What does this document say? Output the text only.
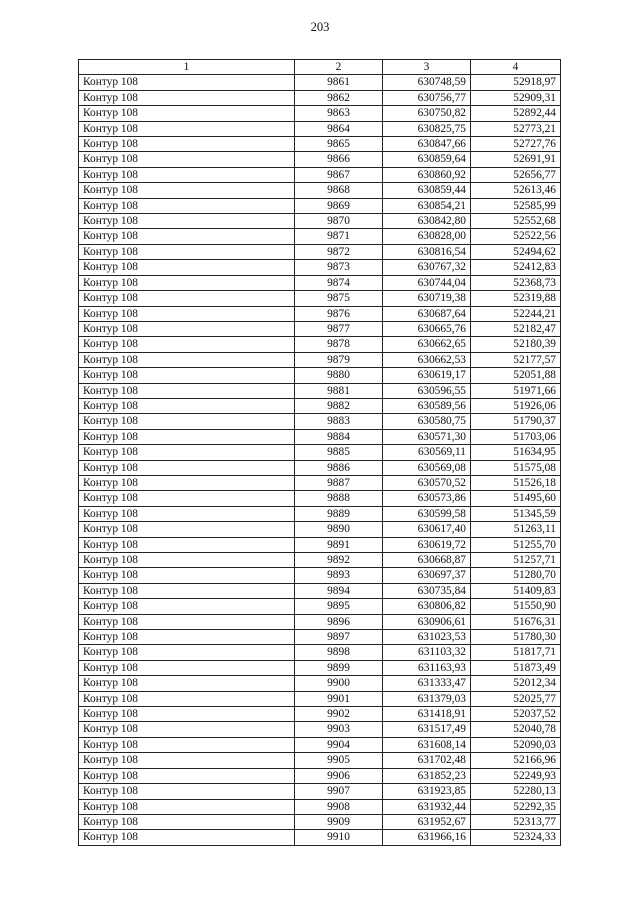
203
1	2	3	4
Контур 108	9861	630748,59	52918,97
Контур 108	9862	630756,77	52909,31
Контур 108	9863	630750,82	52892,44
Контур 108	9864	630825,75	52773,21
Контур 108	9865	630847,66	52727,76
Контур 108	9866	630859,64	52691,91
Контур 108	9867	630860,92	52656,77
Контур 108	9868	630859,44	52613,46
Контур 108	9869	630854,21	52585,99
Контур 108	9870	630842,80	52552,68
Контур 108	9871	630828,00	52522,56
Контур 108	9872	630816,54	52494,62
Контур 108	9873	630767,32	52412,83
Контур 108	9874	630744,04	52368,73
Контур 108	9875	630719,38	52319,88
Контур 108	9876	630687,64	52244,21
Контур 108	9877	630665,76	52182,47
Контур 108	9878	630662,65	52180,39
Контур 108	9879	630662,53	52177,57
Контур 108	9880	630619,17	52051,88
Контур 108	9881	630596,55	51971,66
Контур 108	9882	630589,56	51926,06
Контур 108	9883	630580,75	51790,37
Контур 108	9884	630571,30	51703,06
Контур 108	9885	630569,11	51634,95
Контур 108	9886	630569,08	51575,08
Контур 108	9887	630570,52	51526,18
Контур 108	9888	630573,86	51495,60
Контур 108	9889	630599,58	51345,59
Контур 108	9890	630617,40	51263,11
Контур 108	9891	630619,72	51255,70
Контур 108	9892	630668,87	51257,71
Контур 108	9893	630697,37	51280,70
Контур 108	9894	630735,84	51409,83
Контур 108	9895	630806,82	51550,90
Контур 108	9896	630906,61	51676,31
Контур 108	9897	631023,53	51780,30
Контур 108	9898	631103,32	51817,71
Контур 108	9899	631163,93	51873,49
Контур 108	9900	631333,47	52012,34
Контур 108	9901	631379,03	52025,77
Контур 108	9902	631418,91	52037,52
Контур 108	9903	631517,49	52040,78
Контур 108	9904	631608,14	52090,03
Контур 108	9905	631702,48	52166,96
Контур 108	9906	631852,23	52249,93
Контур 108	9907	631923,85	52280,13
Контур 108	9908	631932,44	52292,35
Контур 108	9909	631952,67	52313,77
Контур 108	9910	631966,16	52324,33
